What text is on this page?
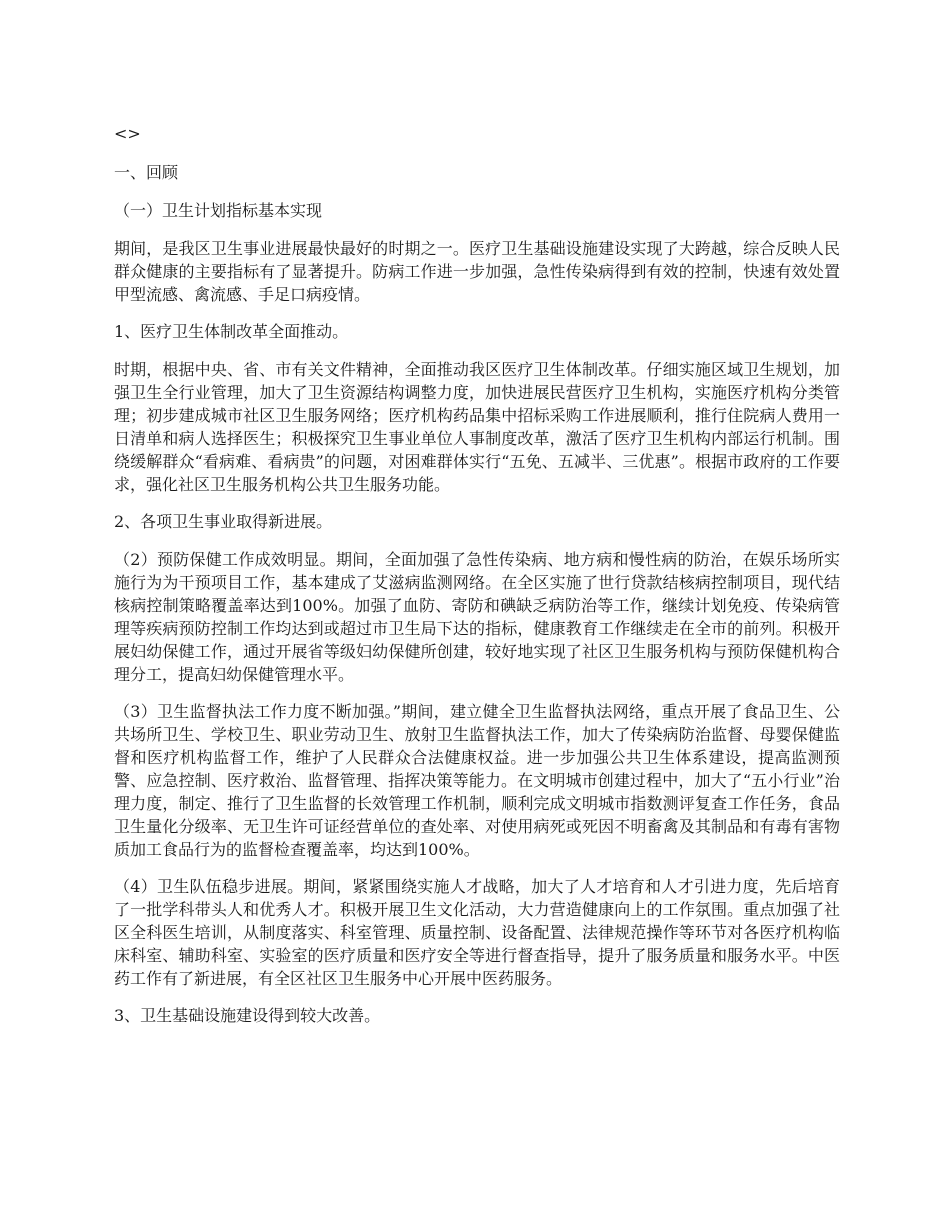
<>

一、回顾

（一）卫生计划指标基本实现

期间，是我区卫生事业进展最快最好的时期之一。医疗卫生基础设施建设实现了大跨越，综合反映人民群众健康的主要指标有了显著提升。防病工作进一步加强，急性传染病得到有效的控制，快速有效处置甲型流感、禽流感、手足口病疫情。

1、医疗卫生体制改革全面推动。

时期，根据中央、省、市有关文件精神，全面推动我区医疗卫生体制改革。仔细实施区域卫生规划，加强卫生全行业管理，加大了卫生资源结构调整力度，加快进展民营医疗卫生机构，实施医疗机构分类管理；初步建成城市社区卫生服务网络；医疗机构药品集中招标采购工作进展顺利，推行住院病人费用一日清单和病人选择医生；积极探究卫生事业单位人事制度改革，激活了医疗卫生机构内部运行机制。围绕缓解群众“看病难、看病贵”的问题，对困难群体实行“五免、五减半、三优惠”。根据市政府的工作要求，强化社区卫生服务机构公共卫生服务功能。

2、各项卫生事业取得新进展。

（2）预防保健工作成效明显。期间，全面加强了急性传染病、地方病和慢性病的防治，在娱乐场所实施行为为干预项目工作，基本建成了艾滋病监测网络。在全区实施了世行贷款结核病控制项目，现代结核病控制策略覆盖率达到100%。加强了血防、寄防和碘缺乏病防治等工作，继续计划免疫、传染病管理等疾病预防控制工作均达到或超过市卫生局下达的指标，健康教育工作继续走在全市的前列。积极开展妇幼保健工作，通过开展省等级妇幼保健所创建，较好地实现了社区卫生服务机构与预防保健机构合理分工，提高妇幼保健管理水平。

（3）卫生监督执法工作力度不断加强。”期间，建立健全卫生监督执法网络，重点开展了食品卫生、公共场所卫生、学校卫生、职业劳动卫生、放射卫生监督执法工作，加大了传染病防治监督、母婴保健监督和医疗机构监督工作，维护了人民群众合法健康权益。进一步加强公共卫生体系建设，提高监测预警、应急控制、医疗救治、监督管理、指挥决策等能力。在文明城市创建过程中，加大了“五小行业”治理力度，制定、推行了卫生监督的长效管理工作机制，顺利完成文明城市指数测评复查工作任务，食品卫生量化分级率、无卫生许可证经营单位的查处率、对使用病死或死因不明畜禽及其制品和有毒有害物质加工食品行为的监督检查覆盖率，均达到100%。

（4）卫生队伍稳步进展。期间，紧紧围绕实施人才战略，加大了人才培育和人才引进力度，先后培育了一批学科带头人和优秀人才。积极开展卫生文化活动，大力营造健康向上的工作氛围。重点加强了社区全科医生培训，从制度落实、科室管理、质量控制、设备配置、法律规范操作等环节对各医疗机构临床科室、辅助科室、实验室的医疗质量和医疗安全等进行督查指导，提升了服务质量和服务水平。中医药工作有了新进展，有全区社区卫生服务中心开展中医药服务。

3、卫生基础设施建设得到较大改善。
